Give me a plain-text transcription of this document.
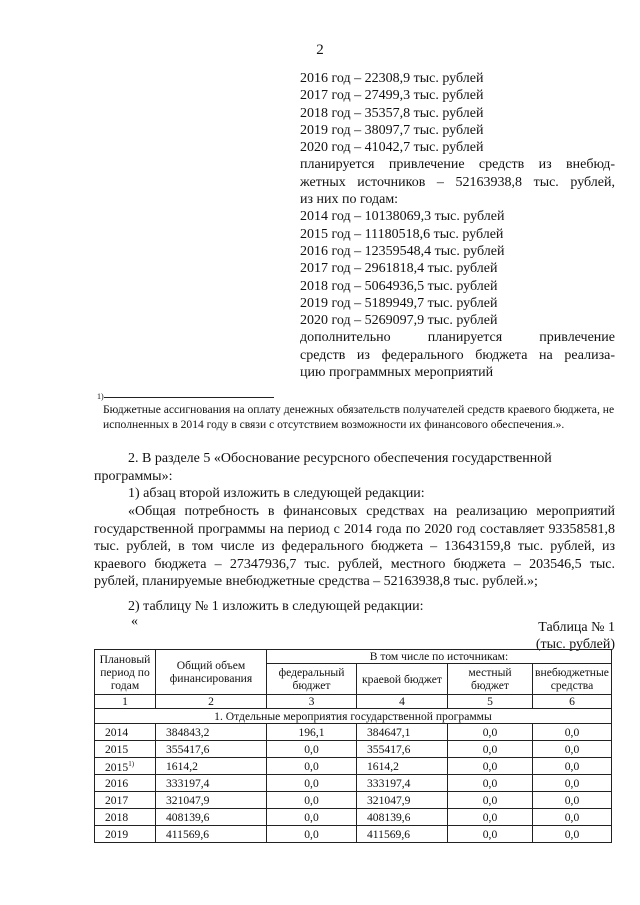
2
2016 год – 22308,9 тыс. рублей
2017 год – 27499,3 тыс. рублей
2018 год – 35357,8 тыс. рублей
2019 год – 38097,7 тыс. рублей
2020 год – 41042,7 тыс. рублей
планируется привлечение средств из внебюд-
жетных источников – 52163938,8 тыс. рублей,
из них по годам:
2014 год – 10138069,3 тыс. рублей
2015 год – 11180518,6 тыс. рублей
2016 год – 12359548,4 тыс. рублей
2017 год – 2961818,4 тыс. рублей
2018 год – 5064936,5 тыс. рублей
2019 год – 5189949,7 тыс. рублей
2020 год – 5269097,9 тыс. рублей
дополнительно планируется привлечение
средств из федерального бюджета на реализа-
цию программных мероприятий
1)
Бюджетные ассигнования на оплату денежных обязательств получателей средств краевого бюджета, не исполненных в 2014 году в связи с отсутствием возможности их финансового обеспечения.».
2. В разделе 5 «Обоснование ресурсного обеспечения государственной программы»:
1) абзац второй изложить в следующей редакции:
«Общая потребность в финансовых средствах на реализацию мероприятий государственной программы на период с 2014 года по 2020 год составляет 93358581,8 тыс. рублей, в том числе из федерального бюджета – 13643159,8 тыс. рублей, из краевого бюджета – 27347936,7 тыс. рублей, местного бюджета – 203546,5 тыс. рублей, планируемые внебюджетные средства – 52163938,8 тыс. рублей.»;
2) таблицу № 1 изложить в следующей редакции:
«	Таблица № 1
(тыс. рублей)
Плановый период по годам	Общий объем финансирования	В том числе по источникам:			
		федеральный бюджет	краевой бюджет	местный бюджет	внебюджетные средства
1	2	3	4	5	6
1. Отдельные мероприятия государственной программы					
2014	384843,2	196,1	384647,1	0,0	0,0
2015	355417,6	0,0	355417,6	0,0	0,0
2015$^{1)}$	1614,2	0,0	1614,2	0,0	0,0
2016	333197,4	0,0	333197,4	0,0	0,0
2017	321047,9	0,0	321047,9	0,0	0,0
2018	408139,6	0,0	408139,6	0,0	0,0
2019	411569,6	0,0	411569,6	0,0	0,0
